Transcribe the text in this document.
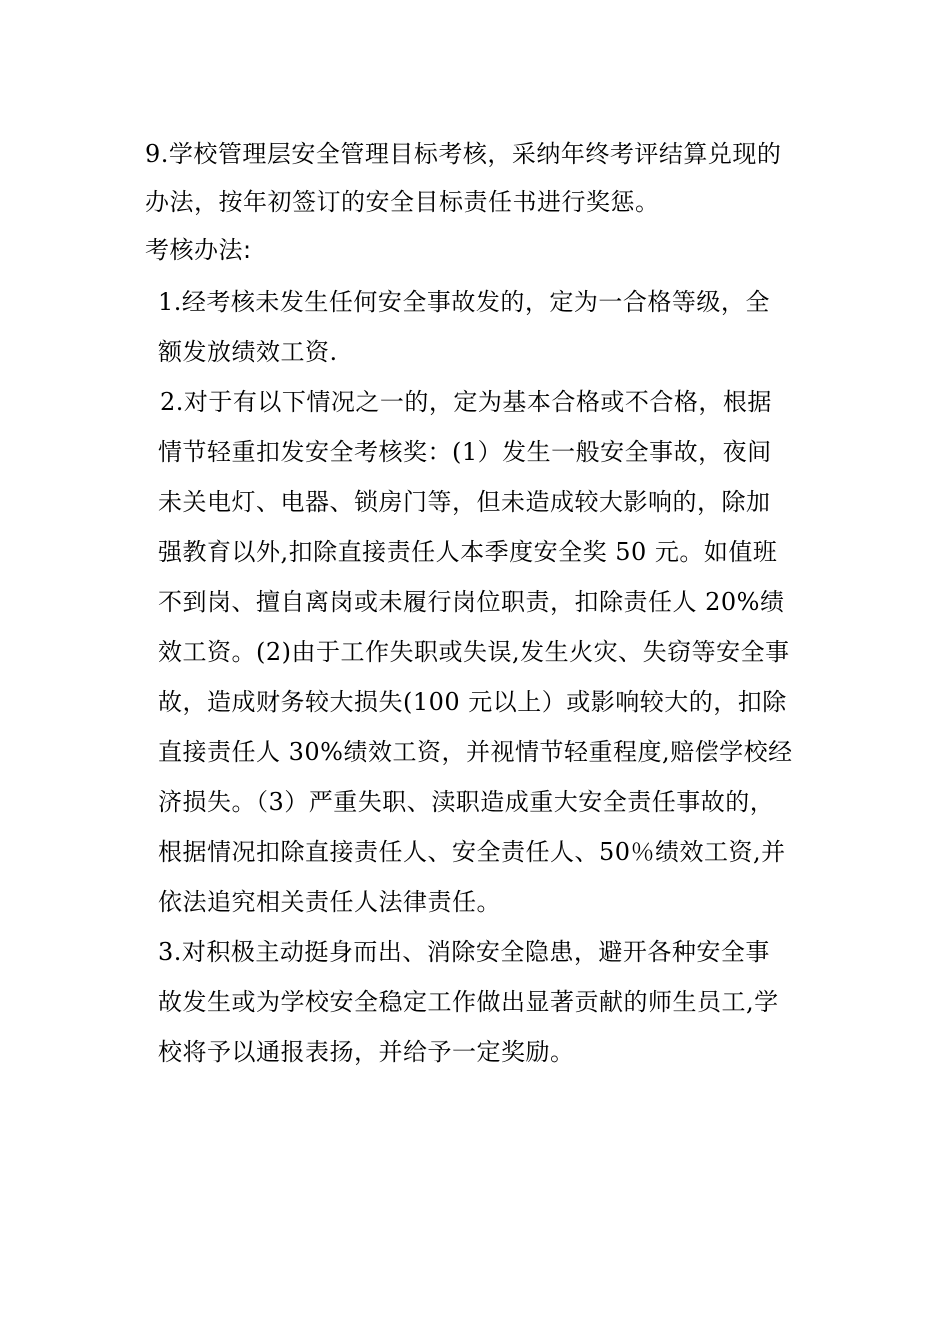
9.学校管理层安全管理目标考核，采纳年终考评结算兑现的
办法，按年初签订的安全目标责任书进行奖惩。
考核办法:
1.经考核未发生任何安全事故发的，定为一合格等级，全
额发放绩效工资.
2.对于有以下情况之一的，定为基本合格或不合格，根据
情节轻重扣发安全考核奖：(1）发生一般安全事故，夜间
未关电灯、电器、锁房门等，但未造成较大影响的，除加
强教育以外,扣除直接责任人本季度安全奖 50 元。如值班
不到岗、擅自离岗或未履行岗位职责，扣除责任人 20%绩
效工资。(2)由于工作失职或失误,发生火灾、失窃等安全事
故，造成财务较大损失(100 元以上）或影响较大的，扣除
直接责任人 30%绩效工资，并视情节轻重程度,赔偿学校经
济损失。（3）严重失职、渎职造成重大安全责任事故的，
根据情况扣除直接责任人、安全责任人、50％绩效工资,并
依法追究相关责任人法律责任。
3.对积极主动挺身而出、消除安全隐患，避开各种安全事
故发生或为学校安全稳定工作做出显著贡献的师生员工,学
校将予以通报表扬，并给予一定奖励。
